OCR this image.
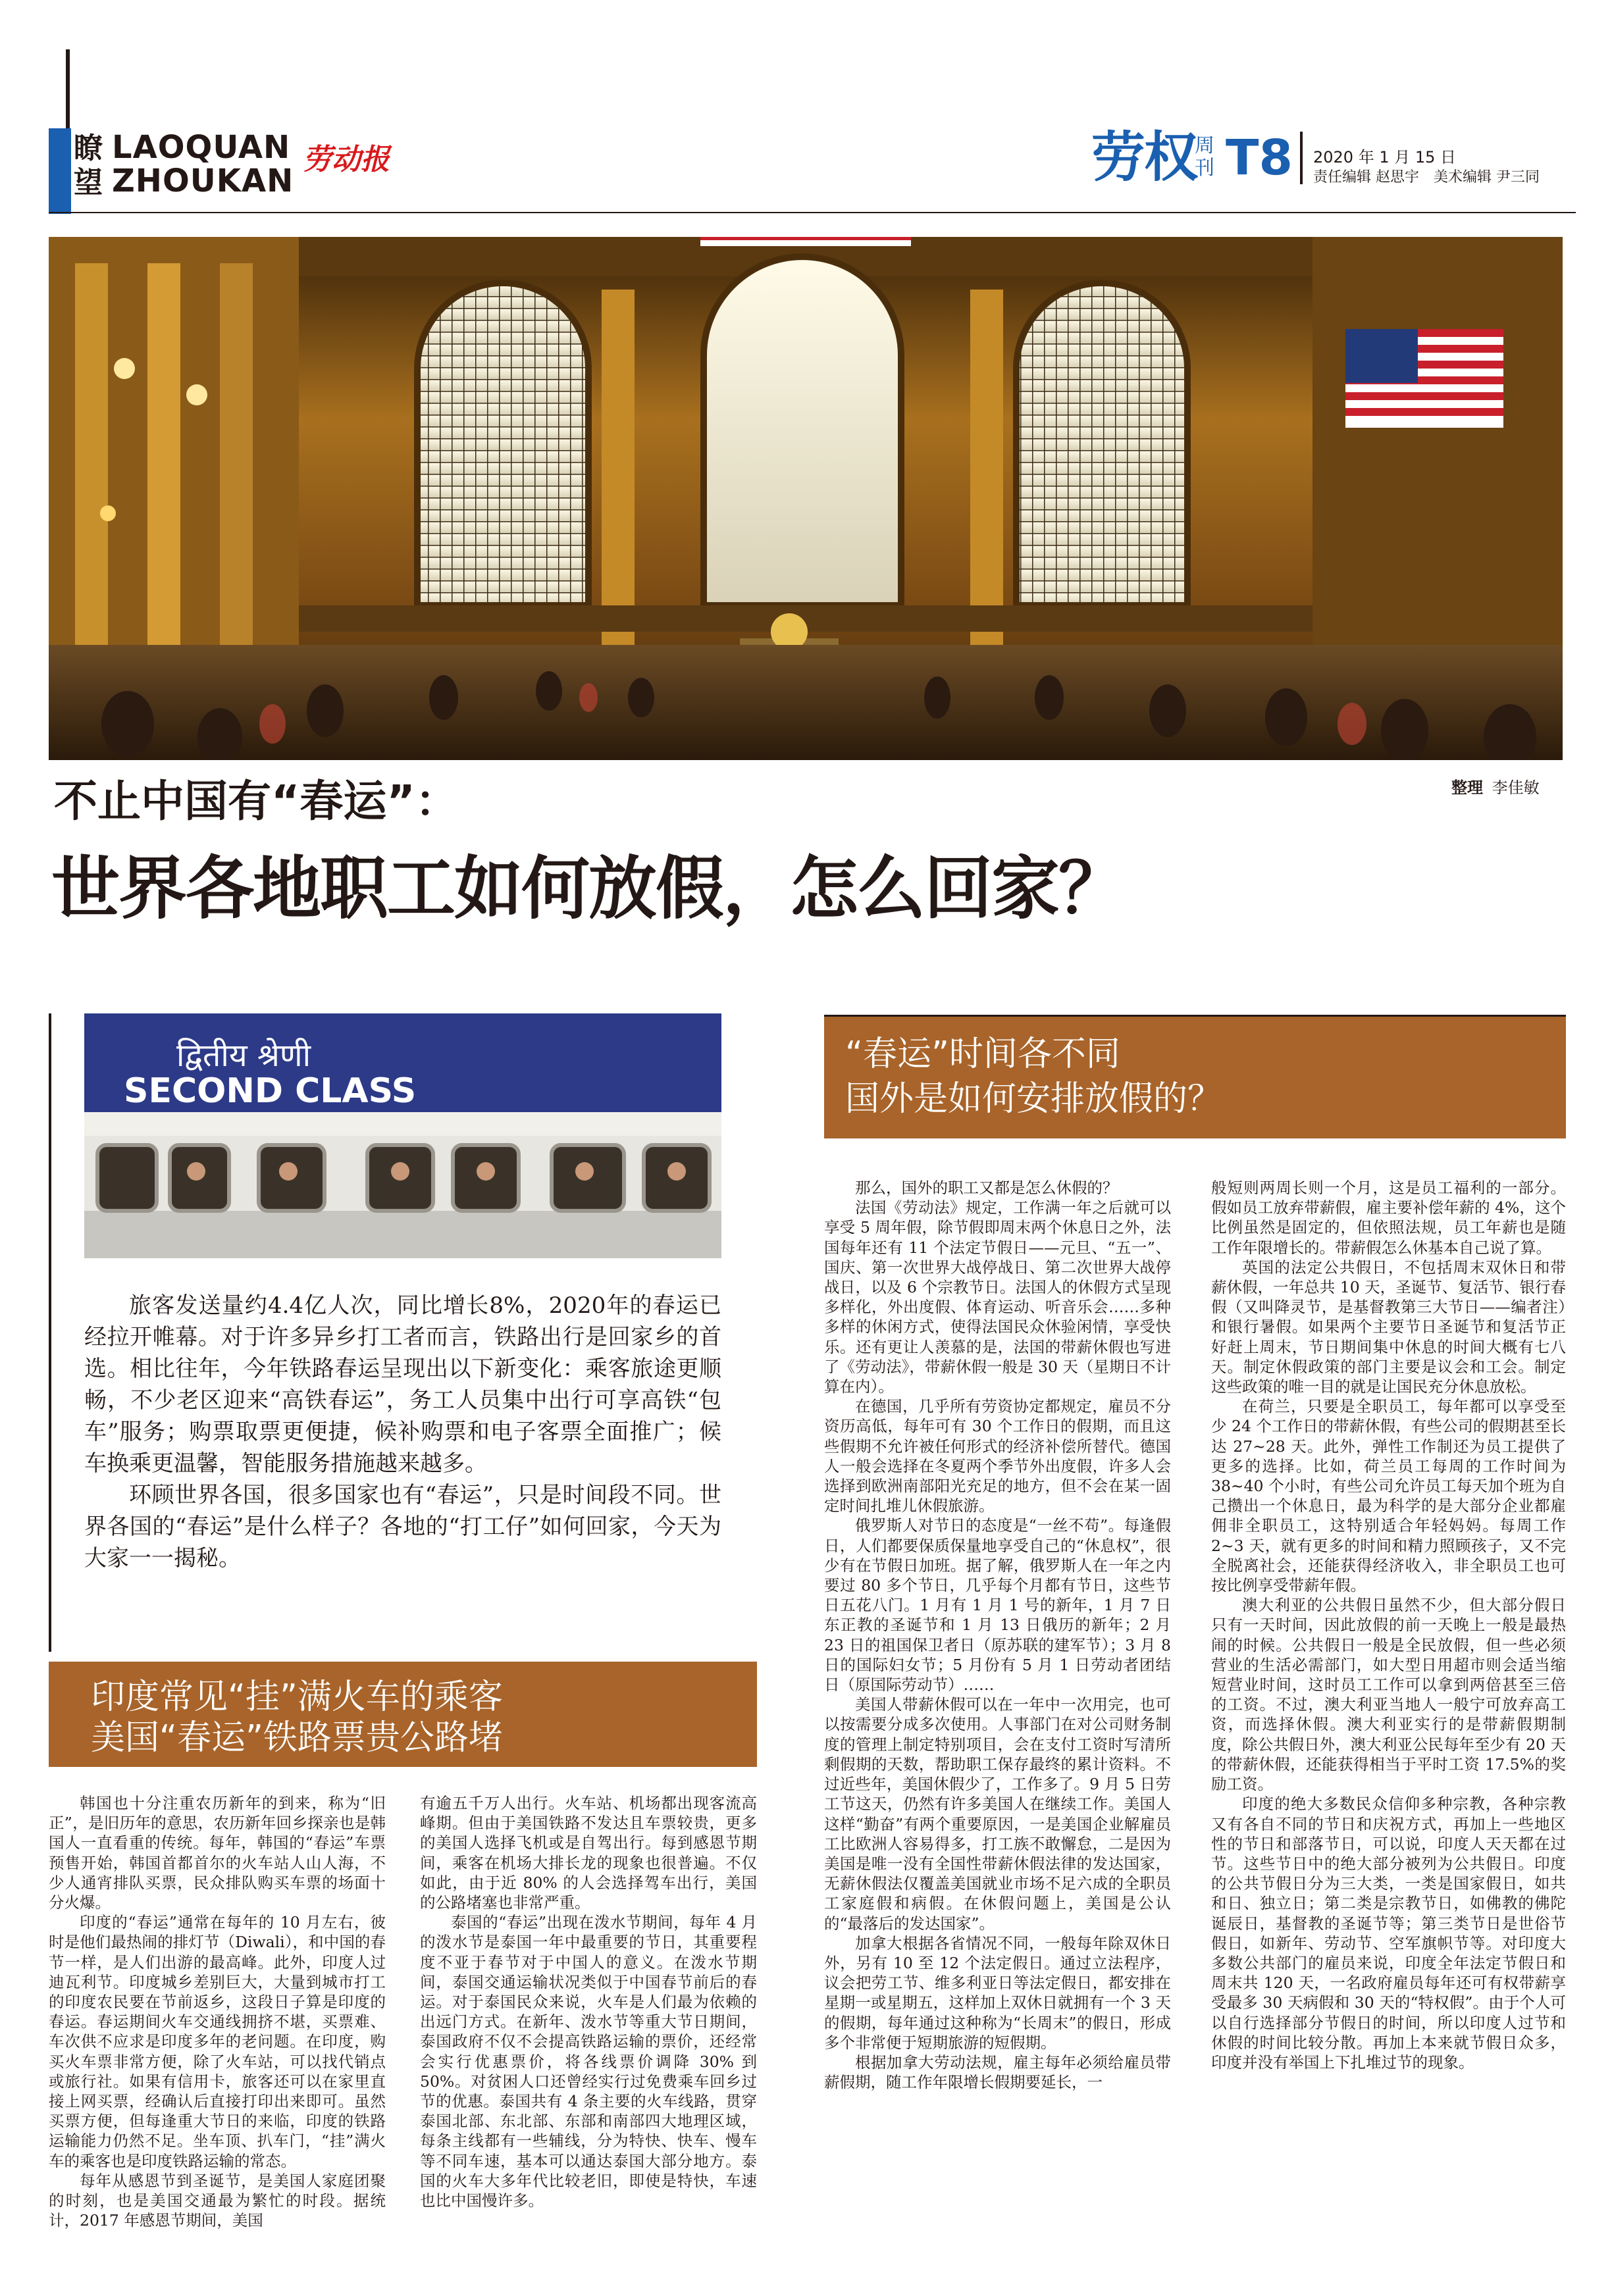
瞭望
LAOQUAN
ZHOUKAN
劳动报	劳权
周刊 T8 2020 年 1 月 15 日
责任编辑 赵思宇　美术编辑 尹三同
整理 李佳敏
不止中国有“春运”：
世界各地职工如何放假，怎么回家？
द्वितीय श्रेणी
SECOND CLASS

旅客发送量约4.4亿人次，同比增长8%，2020年的春运已经拉开帷幕。对于许多异乡打工者而言，铁路出行是回家乡的首选。相比往年，今年铁路春运呈现出以下新变化：乘客旅途更顺畅，不少老区迎来“高铁春运”，务工人员集中出行可享高铁“包车”服务；购票取票更便捷，候补购票和电子客票全面推广；候车换乘更温馨，智能服务措施越来越多。

环顾世界各国，很多国家也有“春运”，只是时间段不同。世界各国的“春运”是什么样子？各地的“打工仔”如何回家，今天为大家一一揭秘。

印度常见“挂”满火车的乘客
美国“春运”铁路票贵公路堵
“春运”时间各不同
国外是如何安排放假的？

韩国也十分注重农历新年的到来，称为“旧正”，是旧历年的意思，农历新年回乡探亲也是韩国人一直看重的传统。每年，韩国的“春运”车票预售开始，韩国首都首尔的火车站人山人海，不少人通宵排队买票，民众排队购买车票的场面十分火爆。

印度的“春运”通常在每年的 10 月左右，彼时是他们最热闹的排灯节（Diwali），和中国的春节一样，是人们出游的最高峰。此外，印度人过迪瓦利节。印度城乡差别巨大，大量到城市打工的印度农民要在节前返乡，这段日子算是印度的春运。春运期间火车交通线拥挤不堪，买票难、车次供不应求是印度多年的老问题。在印度，购买火车票非常方便，除了火车站，可以找代销点或旅行社。如果有信用卡，旅客还可以在家里直接上网买票，经确认后直接打印出来即可。虽然买票方便，但每逢重大节日的来临，印度的铁路运输能力仍然不足。坐车顶、扒车门，“挂”满火车的乘客也是印度铁路运输的常态。

每年从感恩节到圣诞节，是美国人家庭团聚的时刻，也是美国交通最为繁忙的时段。据统计，2017 年感恩节期间，美国

有逾五千万人出行。火车站、机场都出现客流高峰期。但由于美国铁路不发达且车票较贵，更多的美国人选择飞机或是自驾出行。每到感恩节期间，乘客在机场大排长龙的现象也很普遍。不仅如此，由于近 80% 的人会选择驾车出行，美国的公路堵塞也非常严重。

泰国的“春运”出现在泼水节期间，每年 4 月的泼水节是泰国一年中最重要的节日，其重要程度不亚于春节对于中国人的意义。在泼水节期间，泰国交通运输状况类似于中国春节前后的春运。对于泰国民众来说，火车是人们最为依赖的出远门方式。在新年、泼水节等重大节日期间，泰国政府不仅不会提高铁路运输的票价，还经常会实行优惠票价，将各线票价调降 30% 到 50%。对贫困人口还曾经实行过免费乘车回乡过节的优惠。泰国共有 4 条主要的火车线路，贯穿泰国北部、东北部、东部和南部四大地理区域，每条主线都有一些辅线，分为特快、快车、慢车等不同车速，基本可以通达泰国大部分地方。泰国的火车大多年代比较老旧，即使是特快，车速也比中国慢许多。

那么，国外的职工又都是怎么休假的？

法国《劳动法》规定，工作满一年之后就可以享受 5 周年假，除节假即周末两个休息日之外，法国每年还有 11 个法定节假日——元旦、“五一”、国庆、第一次世界大战停战日、第二次世界大战停战日，以及 6 个宗教节日。法国人的休假方式呈现多样化，外出度假、体育运动、听音乐会……多种多样的休闲方式，使得法国民众休验闲情，享受快乐。还有更让人羡慕的是，法国的带薪休假也写进了《劳动法》，带薪休假一般是 30 天（星期日不计算在内）。

在德国，几乎所有劳资协定都规定，雇员不分资历高低，每年可有 30 个工作日的假期，而且这些假期不允许被任何形式的经济补偿所替代。德国人一般会选择在冬夏两个季节外出度假，许多人会选择到欧洲南部阳光充足的地方，但不会在某一固定时间扎堆儿休假旅游。

俄罗斯人对节日的态度是“一丝不苟”。每逢假日，人们都要保质保量地享受自己的“休息权”，很少有在节假日加班。据了解，俄罗斯人在一年之内要过 80 多个节日，几乎每个月都有节日，这些节日五花八门。1 月有 1 月 1 号的新年，1 月 7 日东正教的圣诞节和 1 月 13 日俄历的新年；2 月 23 日的祖国保卫者日（原苏联的建军节）；3 月 8 日的国际妇女节；5 月份有 5 月 1 日劳动者团结日（原国际劳动节）……

美国人带薪休假可以在一年中一次用完，也可以按需要分成多次使用。人事部门在对公司财务制度的管理上制定特别项目，会在支付工资时写清所剩假期的天数，帮助职工保存最终的累计资料。不过近些年，美国休假少了，工作多了。9 月 5 日劳工节这天，仍然有许多美国人在继续工作。美国人这样“勤奋”有两个重要原因，一是美国企业解雇员工比欧洲人容易得多，打工族不敢懈怠，二是因为美国是唯一没有全国性带薪休假法律的发达国家，无薪休假法仅覆盖美国就业市场不足六成的全职员工家庭假和病假。在休假问题上，美国是公认的“最落后的发达国家”。

加拿大根据各省情况不同，一般每年除双休日外，另有 10 至 12 个法定假日。通过立法程序，议会把劳工节、维多利亚日等法定假日，都安排在星期一或星期五，这样加上双休日就拥有一个 3 天的假期，每年通过这种称为“长周末”的假日，形成多个非常便于短期旅游的短假期。

根据加拿大劳动法规，雇主每年必须给雇员带薪假期，随工作年限增长假期要延长，一

般短则两周长则一个月，这是员工福利的一部分。假如员工放弃带薪假，雇主要补偿年薪的 4%，这个比例虽然是固定的，但依照法规，员工年薪也是随工作年限增长的。带薪假怎么休基本自己说了算。

英国的法定公共假日，不包括周末双休日和带薪休假，一年总共 10 天，圣诞节、复活节、银行春假（又叫降灵节，是基督教第三大节日——编者注）和银行暑假。如果两个主要节日圣诞节和复活节正好赶上周末，节日期间集中休息的时间大概有七八天。制定休假政策的部门主要是议会和工会。制定这些政策的唯一目的就是让国民充分休息放松。

在荷兰，只要是全职员工，每年都可以享受至少 24 个工作日的带薪休假，有些公司的假期甚至长达 27~28 天。此外，弹性工作制还为员工提供了更多的选择。比如，荷兰员工每周的工作时间为 38~40 个小时，有些公司允许员工每天加个班为自己攒出一个休息日，最为科学的是大部分企业都雇佣非全职员工，这特别适合年轻妈妈。每周工作 2~3 天，就有更多的时间和精力照顾孩子，又不完全脱离社会，还能获得经济收入，非全职员工也可按比例享受带薪年假。

澳大利亚的公共假日虽然不少，但大部分假日只有一天时间，因此放假的前一天晚上一般是最热闹的时候。公共假日一般是全民放假，但一些必须营业的生活必需部门，如大型日用超市则会适当缩短营业时间，这时员工工作可以拿到两倍甚至三倍的工资。不过，澳大利亚当地人一般宁可放弃高工资，而选择休假。澳大利亚实行的是带薪假期制度，除公共假日外，澳大利亚公民每年至少有 20 天的带薪休假，还能获得相当于平时工资 17.5%的奖励工资。

印度的绝大多数民众信仰多种宗教，各种宗教又有各自不同的节日和庆祝方式，再加上一些地区性的节日和部落节日，可以说，印度人天天都在过节。这些节日中的绝大部分被列为公共假日。印度的公共节假日分为三大类，一类是国家假日，如共和日、独立日；第二类是宗教节日，如佛教的佛陀诞辰日，基督教的圣诞节等；第三类节日是世俗节假日，如新年、劳动节、空军旗帜节等。对印度大多数公共部门的雇员来说，印度全年法定节假日和周末共 120 天，一名政府雇员每年还可有权带薪享受最多 30 天病假和 30 天的“特权假”。由于个人可以自行选择部分节假日的时间，所以印度人过节和休假的时间比较分散。再加上本来就节假日众多，印度并没有举国上下扎堆过节的现象。
